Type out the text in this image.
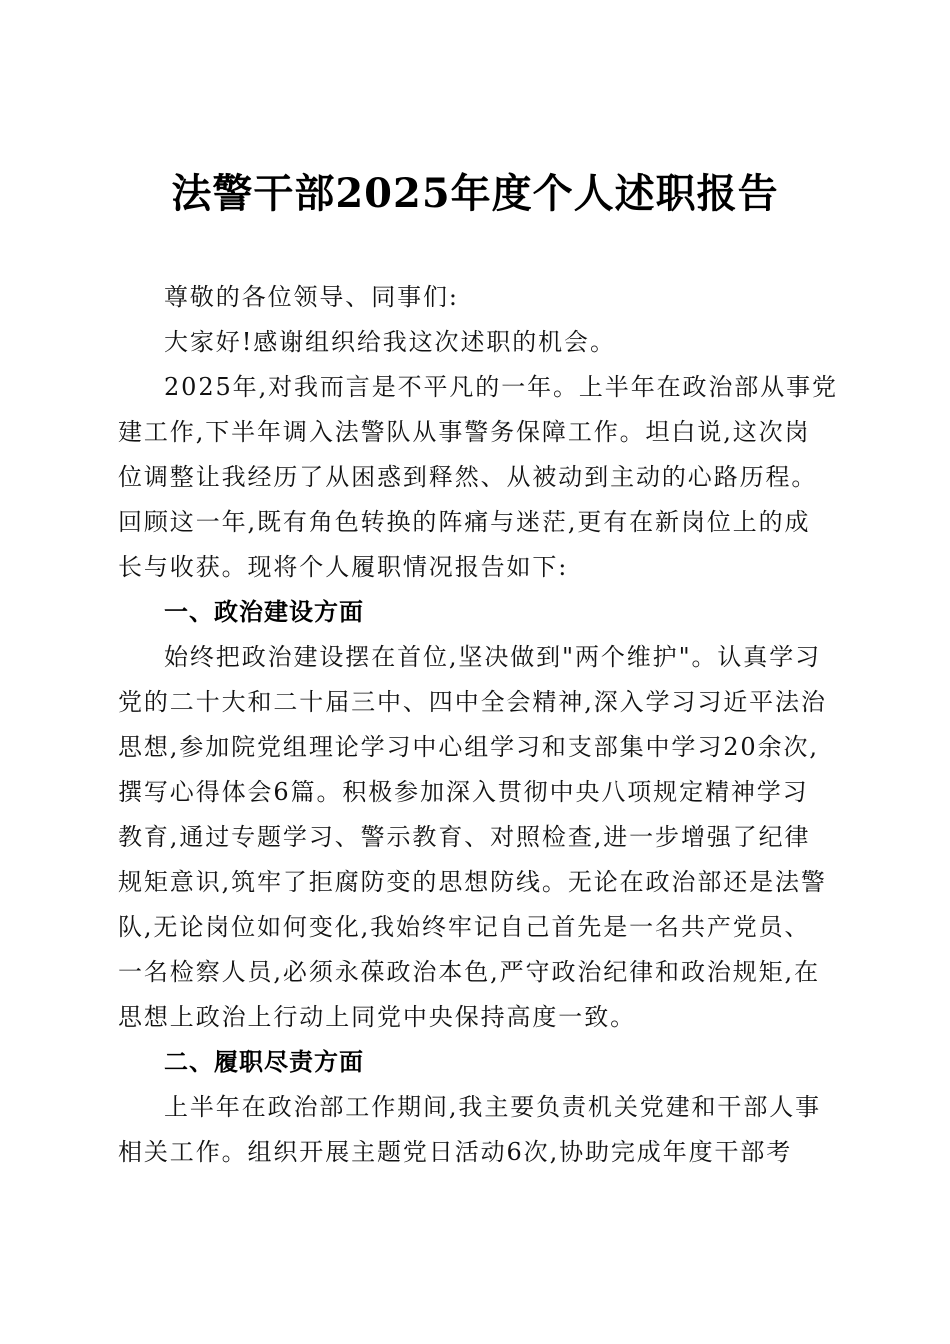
法警干部2025年度个人述职报告
尊敬的各位领导、同事们:
大家好!感谢组织给我这次述职的机会。
2025年,对我而言是不平凡的一年。上半年在政治部从事党
建工作,下半年调入法警队从事警务保障工作。坦白说,这次岗
位调整让我经历了从困惑到释然、从被动到主动的心路历程。
回顾这一年,既有角色转换的阵痛与迷茫,更有在新岗位上的成
长与收获。现将个人履职情况报告如下:
一、政治建设方面
始终把政治建设摆在首位,坚决做到"两个维护"。认真学习
党的二十大和二十届三中、四中全会精神,深入学习习近平法治
思想,参加院党组理论学习中心组学习和支部集中学习20余次,
撰写心得体会6篇。积极参加深入贯彻中央八项规定精神学习
教育,通过专题学习、警示教育、对照检查,进一步增强了纪律
规矩意识,筑牢了拒腐防变的思想防线。无论在政治部还是法警
队,无论岗位如何变化,我始终牢记自己首先是一名共产党员、
一名检察人员,必须永葆政治本色,严守政治纪律和政治规矩,在
思想上政治上行动上同党中央保持高度一致。
二、履职尽责方面
上半年在政治部工作期间,我主要负责机关党建和干部人事
相关工作。组织开展主题党日活动6次,协助完成年度干部考
